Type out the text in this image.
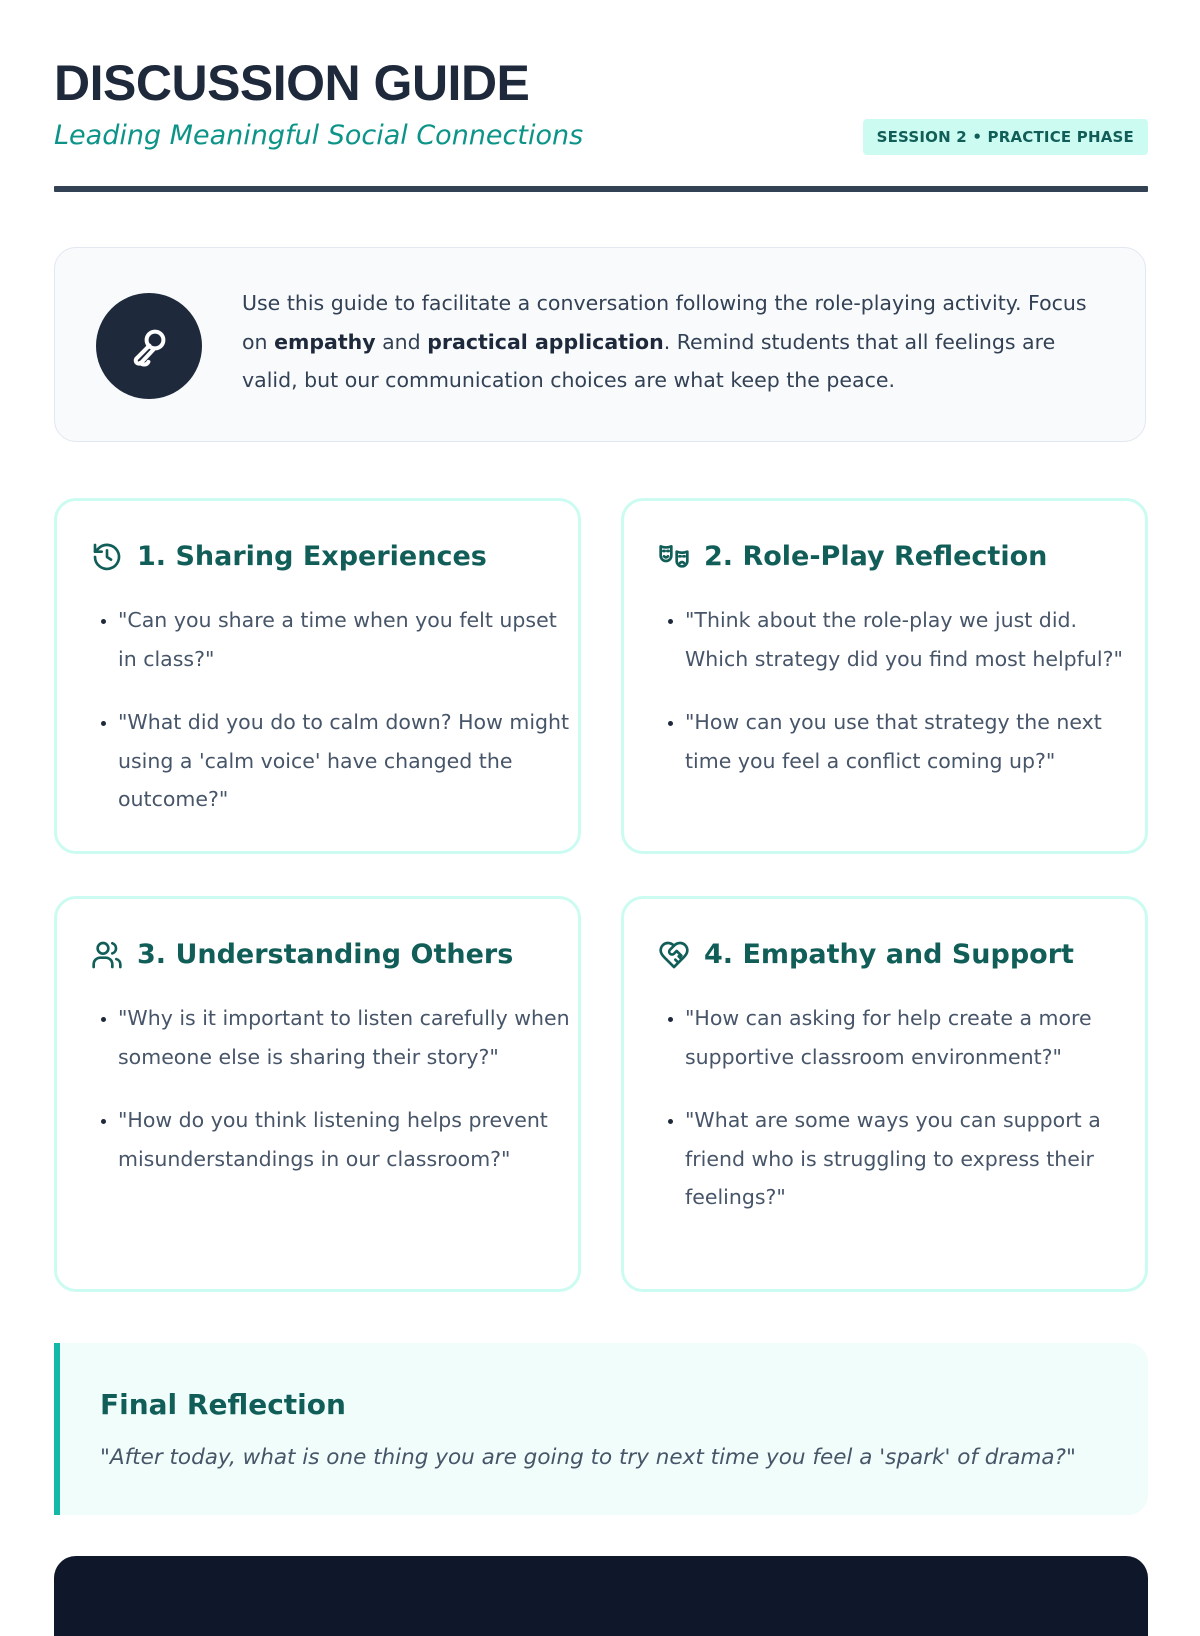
DISCUSSION GUIDE
Leading Meaningful Social Connections	SESSION 2 • PRACTICE PHASE

Use this guide to facilitate a conversation following the role-playing activity. Focus on empathy and practical application. Remind students that all feelings are valid, but our communication choices are what keep the peace.

1. Sharing Experiences
• "Can you share a time when you felt upset in class?"
• "What did you do to calm down? How might using a 'calm voice' have changed the outcome?"
2. Role-Play Reflection
• "Think about the role-play we just did. Which strategy did you find most helpful?"
• "How can you use that strategy the next time you feel a conflict coming up?"
3. Understanding Others
• "Why is it important to listen carefully when someone else is sharing their story?"
• "How do you think listening helps prevent misunderstandings in our classroom?"
4. Empathy and Support
• "How can asking for help create a more supportive classroom environment?"
• "What are some ways you can support a friend who is struggling to express their feelings?"
Final Reflection
"After today, what is one thing you are going to try next time you feel a 'spark' of drama?"
